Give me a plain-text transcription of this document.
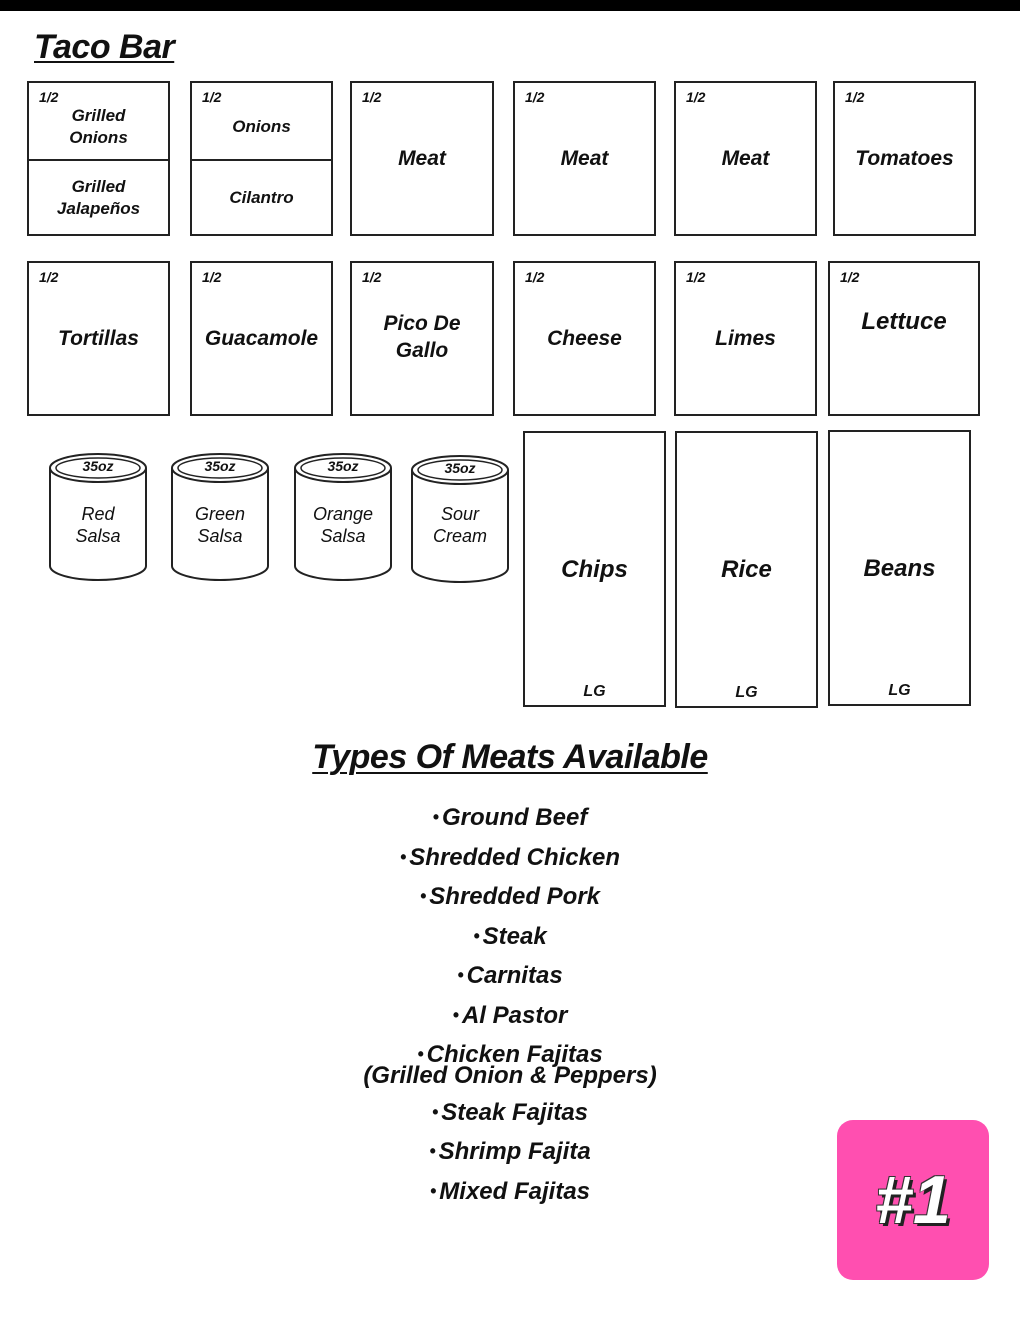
Taco Bar
1/2
Grilled Onions
Grilled Jalapeños
1/2
Onions
Cilantro
1/2
Meat
1/2
Meat
1/2
Meat
1/2
Tomatoes
1/2
Tortillas
1/2
Guacamole
1/2
Pico De Gallo
1/2
Cheese
1/2
Limes
1/2
Lettuce
35oz
Red Salsa
35oz
Green Salsa
35oz
Orange Salsa
35oz
Sour Cream
Chips
LG
Rice
LG
Beans
LG
Types Of Meats Available
• Ground Beef
• Shredded Chicken
• Shredded Pork
• Steak
• Carnitas
• Al Pastor
• Chicken Fajitas
(Grilled Onion & Peppers)
• Steak Fajitas
• Shrimp Fajita
• Mixed Fajitas	#1
